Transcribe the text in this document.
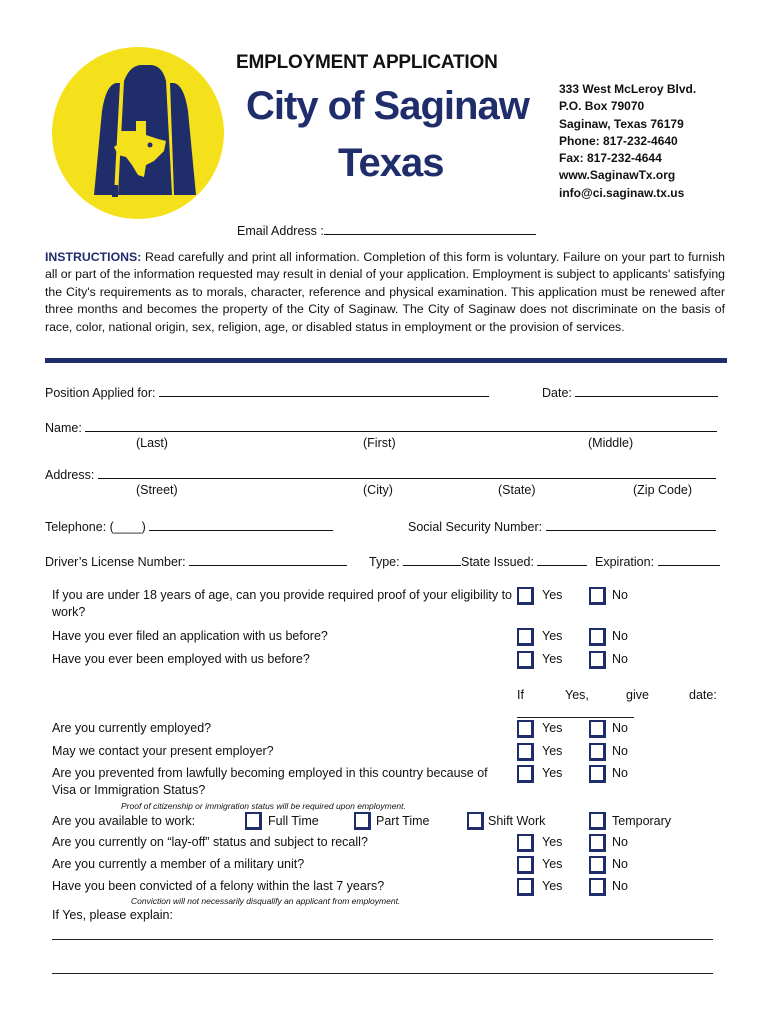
EMPLOYMENT APPLICATION
City of Saginaw
Texas
333 West McLeroy Blvd.
P.O. Box 79070
Saginaw, Texas 76179
Phone: 817-232-4640
Fax: 817-232-4644
www.SaginawTx.org
info@ci.saginaw.tx.us
Email Address :
INSTRUCTIONS: Read carefully and print all information. Completion of this form is voluntary. Failure on your part to furnish all or part of the information requested may result in denial of your application. Employment is subject to applicants' satisfying the City's requirements as to morals, character, reference and physical examination. This application must be renewed after three months and becomes the property of the City of Saginaw. The City of Saginaw does not discriminate on the basis of race, color, national origin, sex, religion, age, or disabled status in employment or the provision of services.
Position Applied for:	Date:
Name:
(Last)	(First)	(Middle)
Address:
(Street)	(City)	(State)	(Zip Code)
Telephone: (____)	Social Security Number:
Driver’s License Number:	Type:	State Issued:	Expiration:
If you are under 18 years of age, can you provide required proof of your eligibility to work?
Yes	No
Have you ever filed an application with us before?	Yes	No
Have you ever been employed with us before?	Yes	No
If	Yes,	give	date:
Are you currently employed?	Yes	No
May we contact your present employer?	Yes	No
Are you prevented from lawfully becoming employed in this country because of Visa or Immigration Status?
Yes	No
Proof of citizenship or immigration status will be required upon employment.
Are you available to work:	Full Time	Part Time	Shift Work	Temporary
Are you currently on “lay-off” status and subject to recall?	Yes	No
Are you currently a member of a military unit?	Yes	No
Have you been convicted of a felony within the last 7 years?	Yes	No
Conviction will not necessarily disqualify an applicant from employment.
If Yes, please explain:
